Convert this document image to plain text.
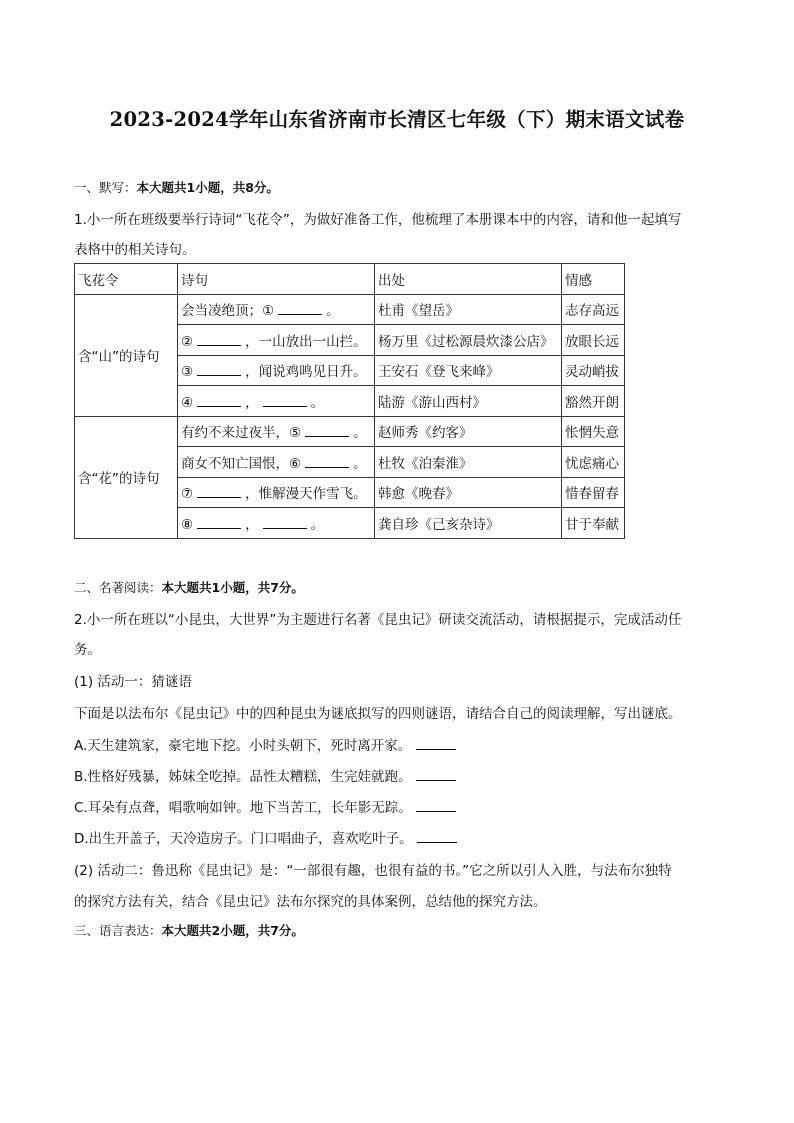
2023-2024学年山东省济南市长清区七年级（下）期末语文试卷
一、默写：本大题共1小题，共8分。
1.小一所在班级要举行诗词“飞花令”，为做好准备工作，他梳理了本册课本中的内容，请和他一起填写
表格中的相关诗句。
飞花令	诗句	出处	情感
含“山”的诗句	会当凌绝顶；① 。	杜甫《望岳》	志存高远
	② ，一山放出一山拦。	杨万里《过松源晨炊漆公店》	放眼长远
	③ ，闻说鸡鸣见日升。	王安石《登飞来峰》	灵动峭拔
	④ ， 。	陆游《游山西村》	豁然开朗
含“花”的诗句	有约不来过夜半，⑤ 。	赵师秀《约客》	怅惘失意
	商女不知亡国恨，⑥ 。	杜牧《泊秦淮》	忧虑痛心
	⑦ ，惟解漫天作雪飞。	韩愈《晚春》	惜春留春
	⑧ ， 。	龚自珍《己亥杂诗》	甘于奉献
二、名著阅读：本大题共1小题，共7分。
2.小一所在班以“小昆虫，大世界”为主题进行名著《昆虫记》研读交流活动，请根据提示，完成活动任
务。
(1) 活动一：猜谜语
下面是以法布尔《昆虫记》中的四种昆虫为谜底拟写的四则谜语，请结合自己的阅读理解，写出谜底。
A.天生建筑家，豪宅地下挖。小时头朝下，死时离开家。
B.性格好残暴，姊妹全吃掉。品性太糟糕，生完娃就跑。
C.耳朵有点聋，唱歌响如钟。地下当苦工，长年影无踪。
D.出生开盖子，天冷造房子。门口唱曲子，喜欢吃叶子。
(2) 活动二：鲁迅称《昆虫记》是：“一部很有趣，也很有益的书。”它之所以引人入胜，与法布尔独特
的探究方法有关，结合《昆虫记》法布尔探究的具体案例，总结他的探究方法。
三、语言表达：本大题共2小题，共7分。
